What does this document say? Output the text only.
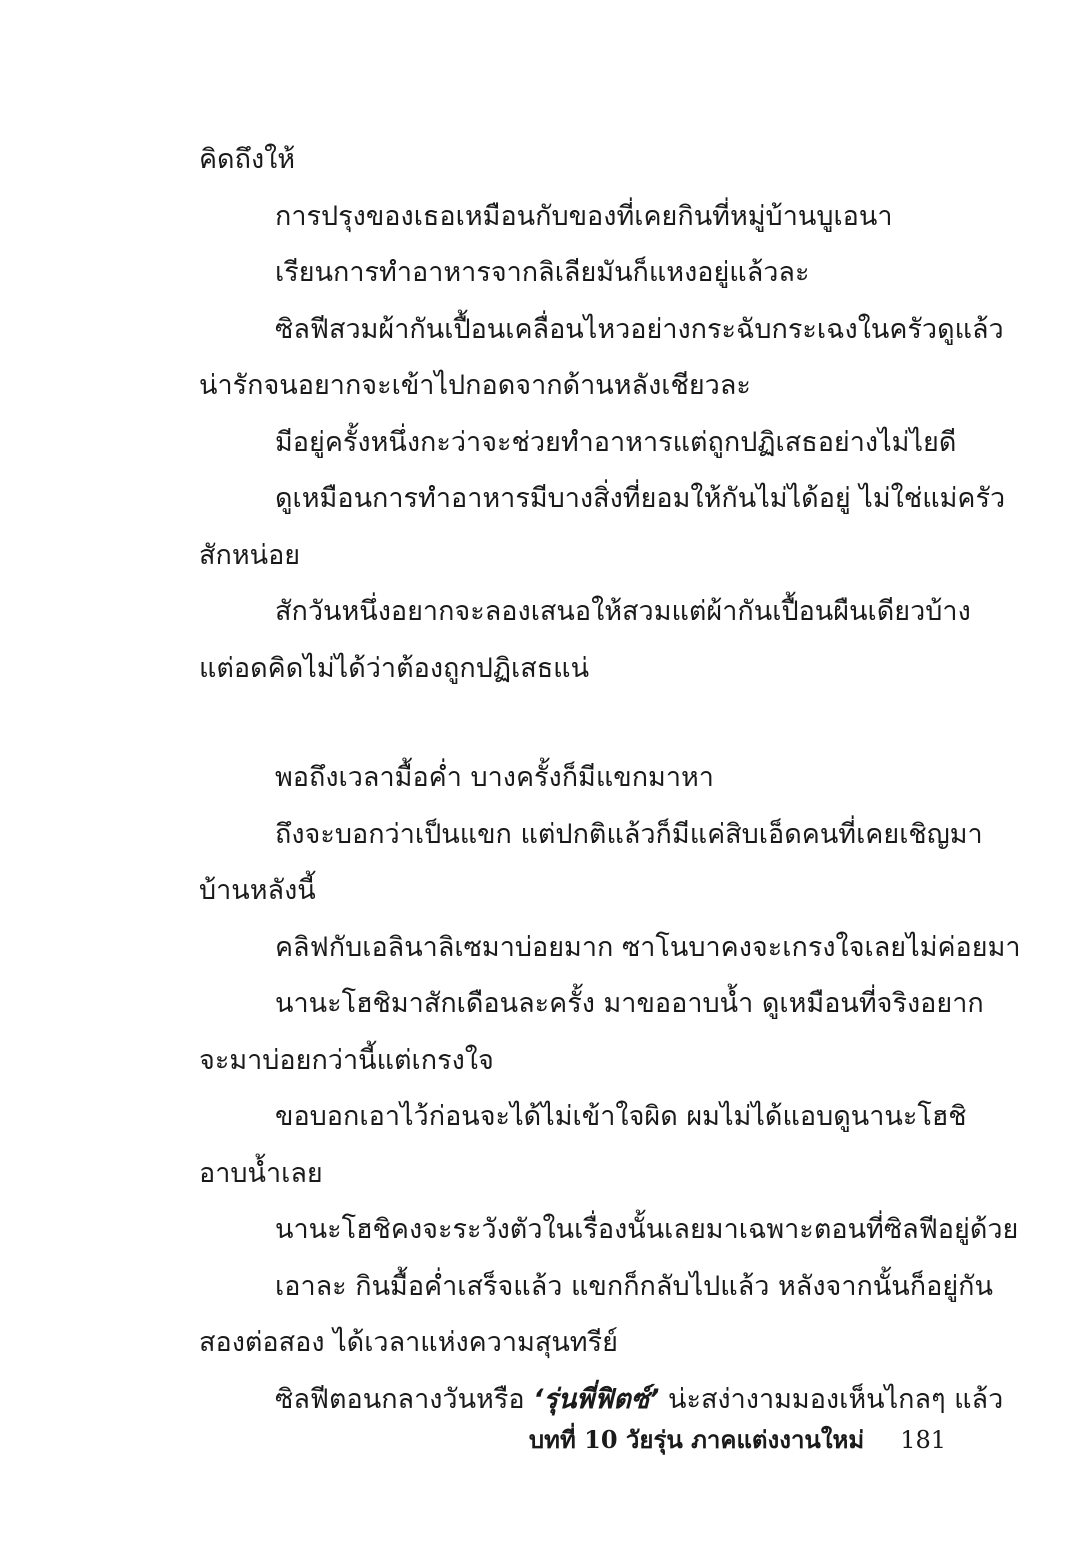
คิดถึงให้
การปรุงของเธอเหมือนกับของที่เคยกินที่หมู่บ้านบูเอนา
เรียนการทำอาหารจากลิเลียมันก็แหงอยู่แล้วละ
ซิลฟีสวมผ้ากันเปื้อนเคลื่อนไหวอย่างกระฉับกระเฉงในครัวดูแล้ว
น่ารักจนอยากจะเข้าไปกอดจากด้านหลังเชียวละ
มีอยู่ครั้งหนึ่งกะว่าจะช่วยทำอาหารแต่ถูกปฏิเสธอย่างไม่ไยดี
ดูเหมือนการทำอาหารมีบางสิ่งที่ยอมให้กันไม่ได้อยู่ ไม่ใช่แม่ครัว
สักหน่อย
สักวันหนึ่งอยากจะลองเสนอให้สวมแต่ผ้ากันเปื้อนผืนเดียวบ้าง
แต่อดคิดไม่ได้ว่าต้องถูกปฏิเสธแน่
พอถึงเวลามื้อค่ำ บางครั้งก็มีแขกมาหา
ถึงจะบอกว่าเป็นแขก แต่ปกติแล้วก็มีแค่สิบเอ็ดคนที่เคยเชิญมา
บ้านหลังนี้
คลิฟกับเอลินาลิเซมาบ่อยมาก ซาโนบาคงจะเกรงใจเลยไม่ค่อยมา
นานะโฮชิมาสักเดือนละครั้ง มาขออาบน้ำ ดูเหมือนที่จริงอยาก
จะมาบ่อยกว่านี้แต่เกรงใจ
ขอบอกเอาไว้ก่อนจะได้ไม่เข้าใจผิด ผมไม่ได้แอบดูนานะโฮชิ
อาบน้ำเลย
นานะโฮชิคงจะระวังตัวในเรื่องนั้นเลยมาเฉพาะตอนที่ซิลฟีอยู่ด้วย
เอาละ กินมื้อค่ำเสร็จแล้ว แขกก็กลับไปแล้ว หลังจากนั้นก็อยู่กัน
สองต่อสอง ได้เวลาแห่งความสุนทรีย์
ซิลฟีตอนกลางวันหรือ ‘รุ่นพี่ฟิตซ์’ น่ะสง่างามมองเห็นไกลๆ แล้ว
บทที่ 10 วัยรุ่น ภาคแต่งงานใหม่ 181
